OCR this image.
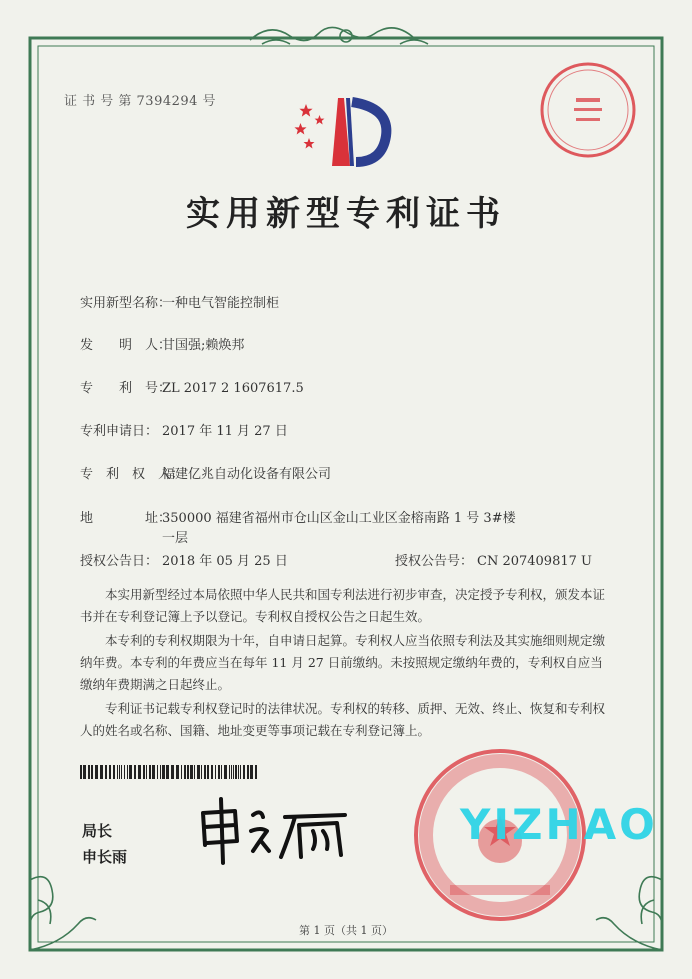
证 书 号 第 7394294 号
实用新型专利证书
实用新型名称：一种电气智能控制柜
发　　明　人：甘国强;赖焕邦
专　　利　号：ZL 2017 2 1607617.5
专利申请日： 2017 年 11 月 27 日
专　利　权　人：福建亿兆自动化设备有限公司
地　　　　址：350000 福建省福州市仓山区金山工业区金榕南路 1 号 3#楼
一层
授权公告日： 2018 年 05 月 25 日	授权公告号： CN 207409817 U

本实用新型经过本局依照中华人民共和国专利法进行初步审查，决定授予专利权，颁发本证书并在专利登记簿上予以登记。专利权自授权公告之日起生效。

本专利的专利权期限为十年，自申请日起算。专利权人应当依照专利法及其实施细则规定缴纳年费。本专利的年费应当在每年 11 月 27 日前缴纳。未按照规定缴纳年费的，专利权自应当缴纳年费期满之日起终止。

专利证书记载专利权登记时的法律状况。专利权的转移、质押、无效、终止、恢复和专利权人的姓名或名称、国籍、地址变更等事项记载在专利登记簿上。

局长
申长雨
YIZHAO
第 1 页（共 1 页）
